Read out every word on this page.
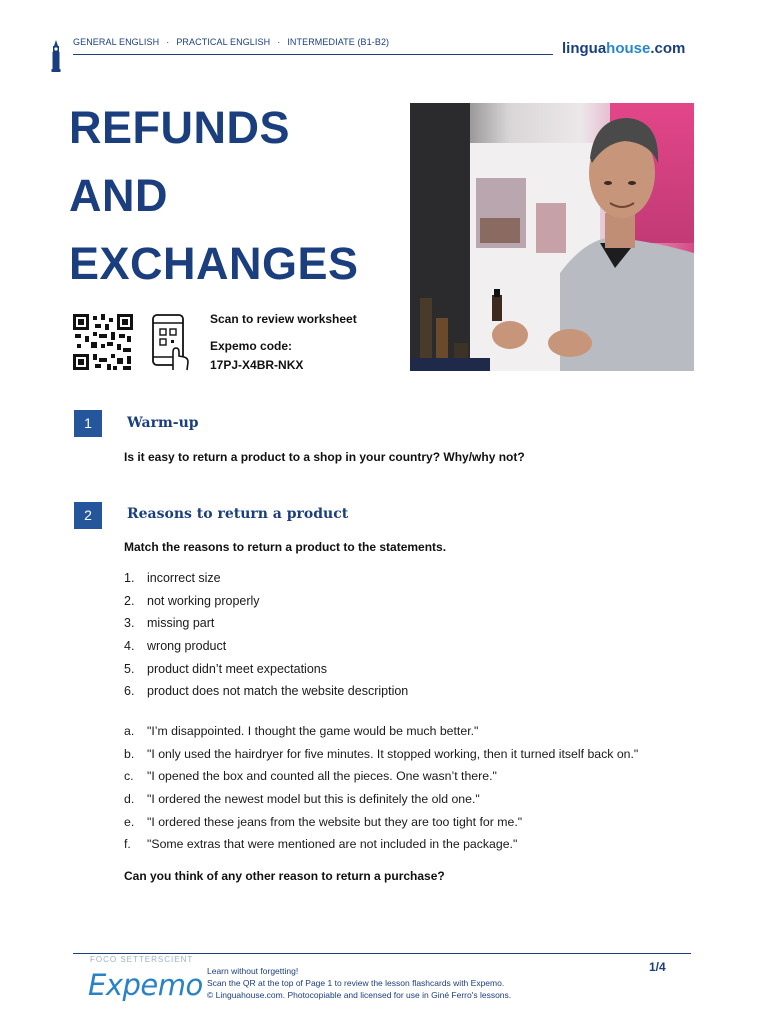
GENERAL ENGLISH · PRACTICAL ENGLISH · INTERMEDIATE (B1-B2)	linguahouse.com
REFUNDS
AND
EXCHANGES
Scan to review worksheet
Expemo code:
17PJ-X4BR-NKX
1	Warm-up
Is it easy to return a product to a shop in your country? Why/why not?
2	Reasons to return a product
Match the reasons to return a product to the statements.
1. incorrect size
2. not working properly
3. missing part
4. wrong product
5. product didn’t meet expectations
6. product does not match the website description
a. "I’m disappointed. I thought the game would be much better."
b. "I only used the hairdryer for five minutes. It stopped working, then it turned itself back on."
c. "I opened the box and counted all the pieces. One wasn’t there."
d. "I ordered the newest model but this is definitely the old one."
e. "I ordered these jeans from the website but they are too tight for me."
f. "Some extras that were mentioned are not included in the package."
Can you think of any other reason to return a purchase?
FOCO SETTERSCIENT
Expemo Learn without forgetting!
Scan the QR at the top of Page 1 to review the lesson flashcards with Expemo.
© Linguahouse.com. Photocopiable and licensed for use in Giné Ferro's lessons.
1/4
